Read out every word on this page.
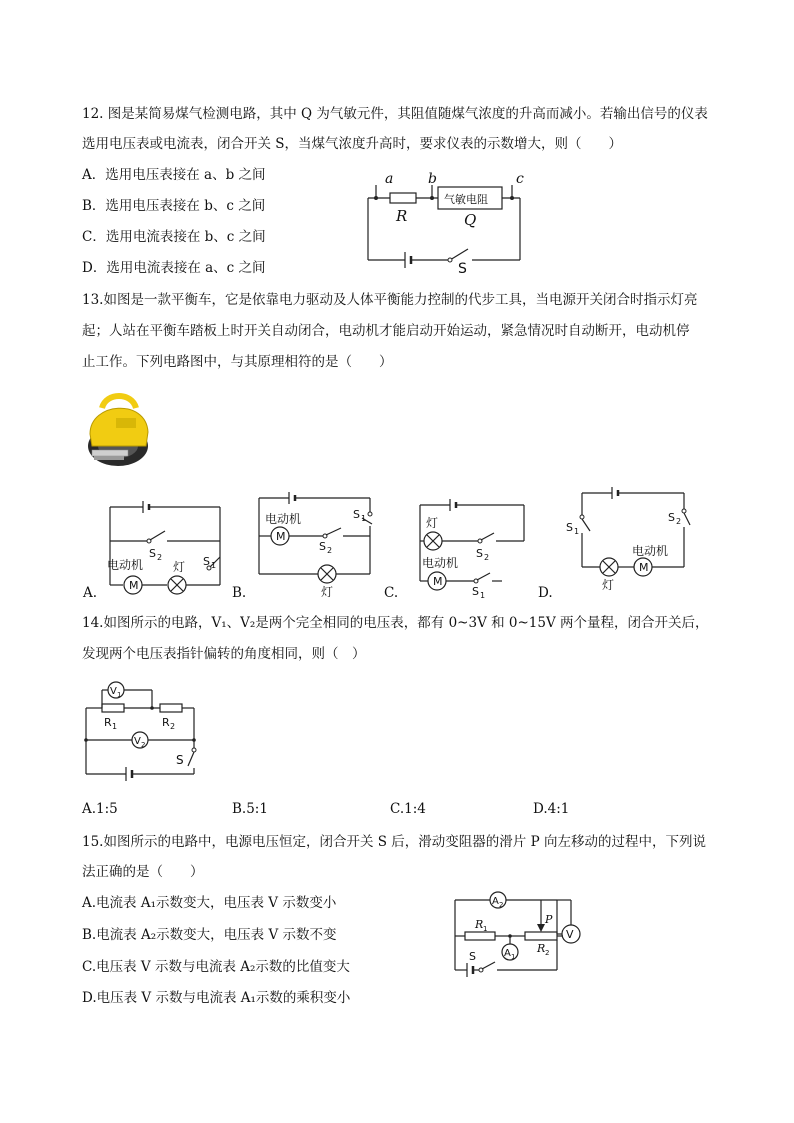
12. 图是某简易煤气检测电路，其中 Q 为气敏元件，其阻值随煤气浓度的升高而减小。若输出信号的仪表
选用电压表或电流表，闭合开关 S，当煤气浓度升高时，要求仪表的示数增大，则（　　）
A．选用电压表接在 a、b 之间
B．选用电压表接在 b、c 之间
C．选用电流表接在 b、c 之间
D．选用电流表接在 a、c 之间
a b	c
R
气敏电阻
Q
S
13.如图是一款平衡车，它是依靠电力驱动及人体平衡能力控制的代步工具，当电源开关闭合时指示灯亮
起；人站在平衡车踏板上时开关自动闭合，电动机才能启动开始运动，紧急情况时自动断开，电动机停
止工作。下列电路图中，与其原理相符的是（　　）
M
S 2	S 1
电动机 灯
A.
M
电动机
S 2
S 1
灯
B.
M
灯
S 2
电动机
S 1
C.
M
S 1
S 2
电动机
灯
D.
14.如图所示的电路，V₁、V₂是两个完全相同的电压表，都有 0~3V 和 0~15V 两个量程，闭合开关后，
发现两个电压表指针偏转的角度相同，则（　）
V 1
R 1	R 2
V 2
S
A.1:5	B.5:1	C.1:4	D.4:1
15.如图所示的电路中，电源电压恒定，闭合开关 S 后，滑动变阻器的滑片 P 向左移动的过程中，下列说
法正确的是（　　）
A.电流表 A₁示数变大，电压表 V 示数变小
B.电流表 A₂示数变大，电压表 V 示数不变
C.电压表 V 示数与电流表 A₂示数的比值变大
D.电压表 V 示数与电流表 A₁示数的乘积变小
A 2
P
R 1
A 1
R 2
V
S
